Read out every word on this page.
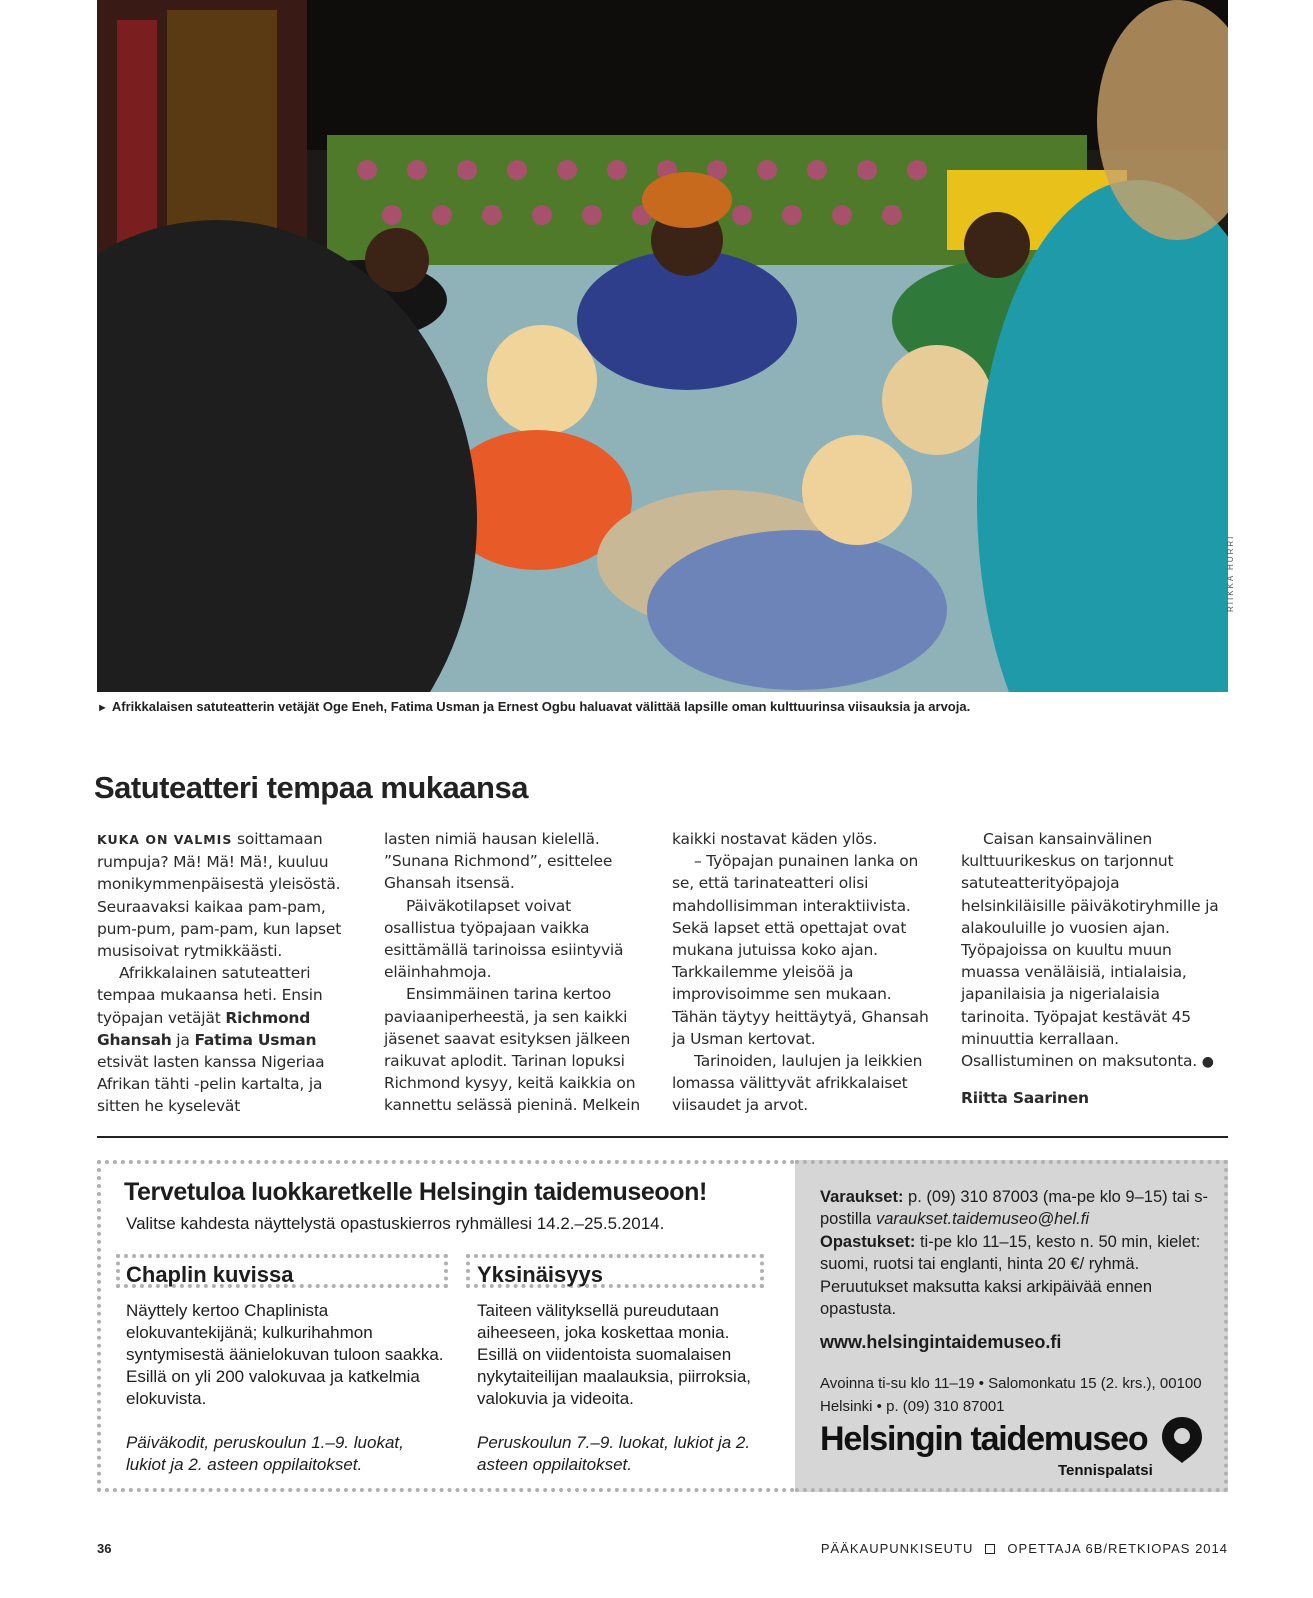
RIIKKA HURRI
► Afrikkalaisen satuteatterin vetäjät Oge Eneh, Fatima Usman ja Ernest Ogbu haluavat välittää lapsille oman kulttuurinsa viisauksia ja arvoja.
Satuteatteri tempaa mukaansa

KUKA ON VALMIS soittamaan rumpuja? Mä! Mä! Mä!, kuuluu monikymmenpäisestä yleisöstä. Seuraavaksi kaikaa pam-pam, pum-pum, pam-pam, kun lapset musisoivat rytmikkäästi.

Afrikkalainen satuteatteri tempaa mukaansa heti. Ensin työpajan vetäjät Richmond Ghansah ja Fatima Usman etsivät lasten kanssa Nigeriaa Afrikan tähti -pelin kartalta, ja sitten he kyselevät

lasten nimiä hausan kielellä. ”Sunana Richmond”, esittelee Ghansah itsensä.

Päiväkotilapset voivat osallistua työpajaan vaikka esittämällä tarinoissa esiintyviä eläinhahmoja.

Ensimmäinen tarina kertoo paviaaniperheestä, ja sen kaikki jäsenet saavat esityksen jälkeen raikuvat aplodit. Tarinan lopuksi Richmond kysyy, keitä kaikkia on kannettu selässä pieninä. Melkein

kaikki nostavat käden ylös.

– Työpajan punainen lanka on se, että tarinateatteri olisi mahdollisimman interaktiivista. Sekä lapset että opettajat ovat mukana jutuissa koko ajan. Tarkkailemme yleisöä ja improvisoimme sen mukaan. Tähän täytyy heittäytyä, Ghansah ja Usman kertovat.

Tarinoiden, laulujen ja leikkien lomassa välittyvät afrikkalaiset viisaudet ja arvot.

Caisan kansainvälinen kulttuurikeskus on tarjonnut satuteatterityöpajoja helsinkiläisille päiväkotiryhmille ja alakouluille jo vuosien ajan. Työpajoissa on kuultu muun muassa venäläisiä, intialaisia, japanilaisia ja nigerialaisia tarinoita. Työpajat kestävät 45 minuuttia kerrallaan. Osallistuminen on maksutonta. ●

Riitta Saarinen

Tervetuloa luokkaretkelle Helsingin taidemuseoon!
Valitse kahdesta näyttelystä opastuskierros ryhmällesi 14.2.–25.5.2014.
Chaplin kuvissa	Yksinäisyys
Näyttely kertoo Chaplinista elokuvantekijänä; kulkurihahmon syntymisestä äänielokuvan tuloon saakka. Esillä on yli 200 valokuvaa ja katkelmia elokuvista.
Taiteen välityksellä pureudutaan aiheeseen, joka koskettaa monia. Esillä on viidentoista suomalaisen nykytaiteilijan maalauksia, piirroksia, valokuvia ja videoita.
Päiväkodit, peruskoulun 1.–9. luokat, lukiot ja 2. asteen oppilaitokset.
Peruskoulun 7.–9. luokat, lukiot ja 2. asteen oppilaitokset.

Varaukset: p. (09) 310 87003 (ma-pe klo 9–15) tai s-postilla varaukset.taidemuseo@hel.fi

Opastukset: ti-pe klo 11–15, kesto n. 50 min, kielet: suomi, ruotsi tai englanti, hinta 20 €/ ryhmä. Peruutukset maksutta kaksi arkipäivää ennen opastusta.

www.helsingintaidemuseo.fi
Avoinna ti-su klo 11–19 • Salomonkatu 15 (2. krs.), 00100 Helsinki • p. (09) 310 87001
Helsingin taidemuseo
Tennispalatsi
36	PÄÄKAUPUNKISEUTU	OPETTAJA 6B/RETKIOPAS 2014
